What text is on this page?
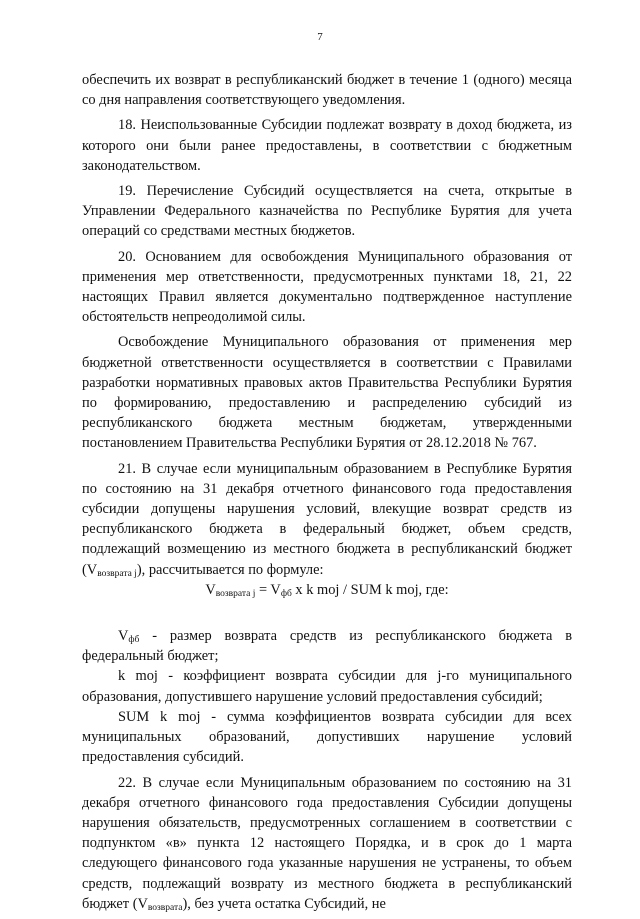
7

обеспечить их возврат в республиканский бюджет в течение 1 (одного) месяца со дня направления соответствующего уведомления.

18. Неиспользованные Субсидии подлежат возврату в доход бюджета, из которого они были ранее предоставлены, в соответствии с бюджетным законодательством.

19. Перечисление Субсидий осуществляется на счета, открытые в Управлении Федерального казначейства по Республике Бурятия для учета операций со средствами местных бюджетов.

20. Основанием для освобождения Муниципального образования от применения мер ответственности, предусмотренных пунктами 18, 21, 22 настоящих Правил является документально подтвержденное наступление обстоятельств непреодолимой силы.

Освобождение Муниципального образования от применения мер бюджетной ответственности осуществляется в соответствии с Правилами разработки нормативных правовых актов Правительства Республики Бурятия по формированию, предоставлению и распределению субсидий из республиканского бюджета местным бюджетам, утвержденными постановлением Правительства Республики Бурятия от 28.12.2018 № 767.

21. В случае если муниципальным образованием в Республике Бурятия по состоянию на 31 декабря отчетного финансового года предоставления субсидии допущены нарушения условий, влекущие возврат средств из республиканского бюджета в федеральный бюджет, объем средств, подлежащий возмещению из местного бюджета в республиканский бюджет $(V_{возврата j})$, рассчитывается по формуле:

$V_{возврата j} = V_{фб}$ x k moj / SUM k moj, где:

$V_{фб}$ - размер возврата средств из республиканского бюджета в федеральный бюджет;

k moj - коэффициент возврата субсидии для j-го муниципального образования, допустившего нарушение условий предоставления субсидий;

SUM k moj - сумма коэффициентов возврата субсидии для всех муниципальных образований, допустивших нарушение условий предоставления субсидий.

22. В случае если Муниципальным образованием по состоянию на 31 декабря отчетного финансового года предоставления Субсидии допущены нарушения обязательств, предусмотренных соглашением в соответствии с подпунктом «в» пункта 12 настоящего Порядка, и в срок до 1 марта следующего финансового года указанные нарушения не устранены, то объем средств, подлежащий возврату из местного бюджета в республиканский бюджет $(V_{возврата})$, без учета остатка Субсидий, не
